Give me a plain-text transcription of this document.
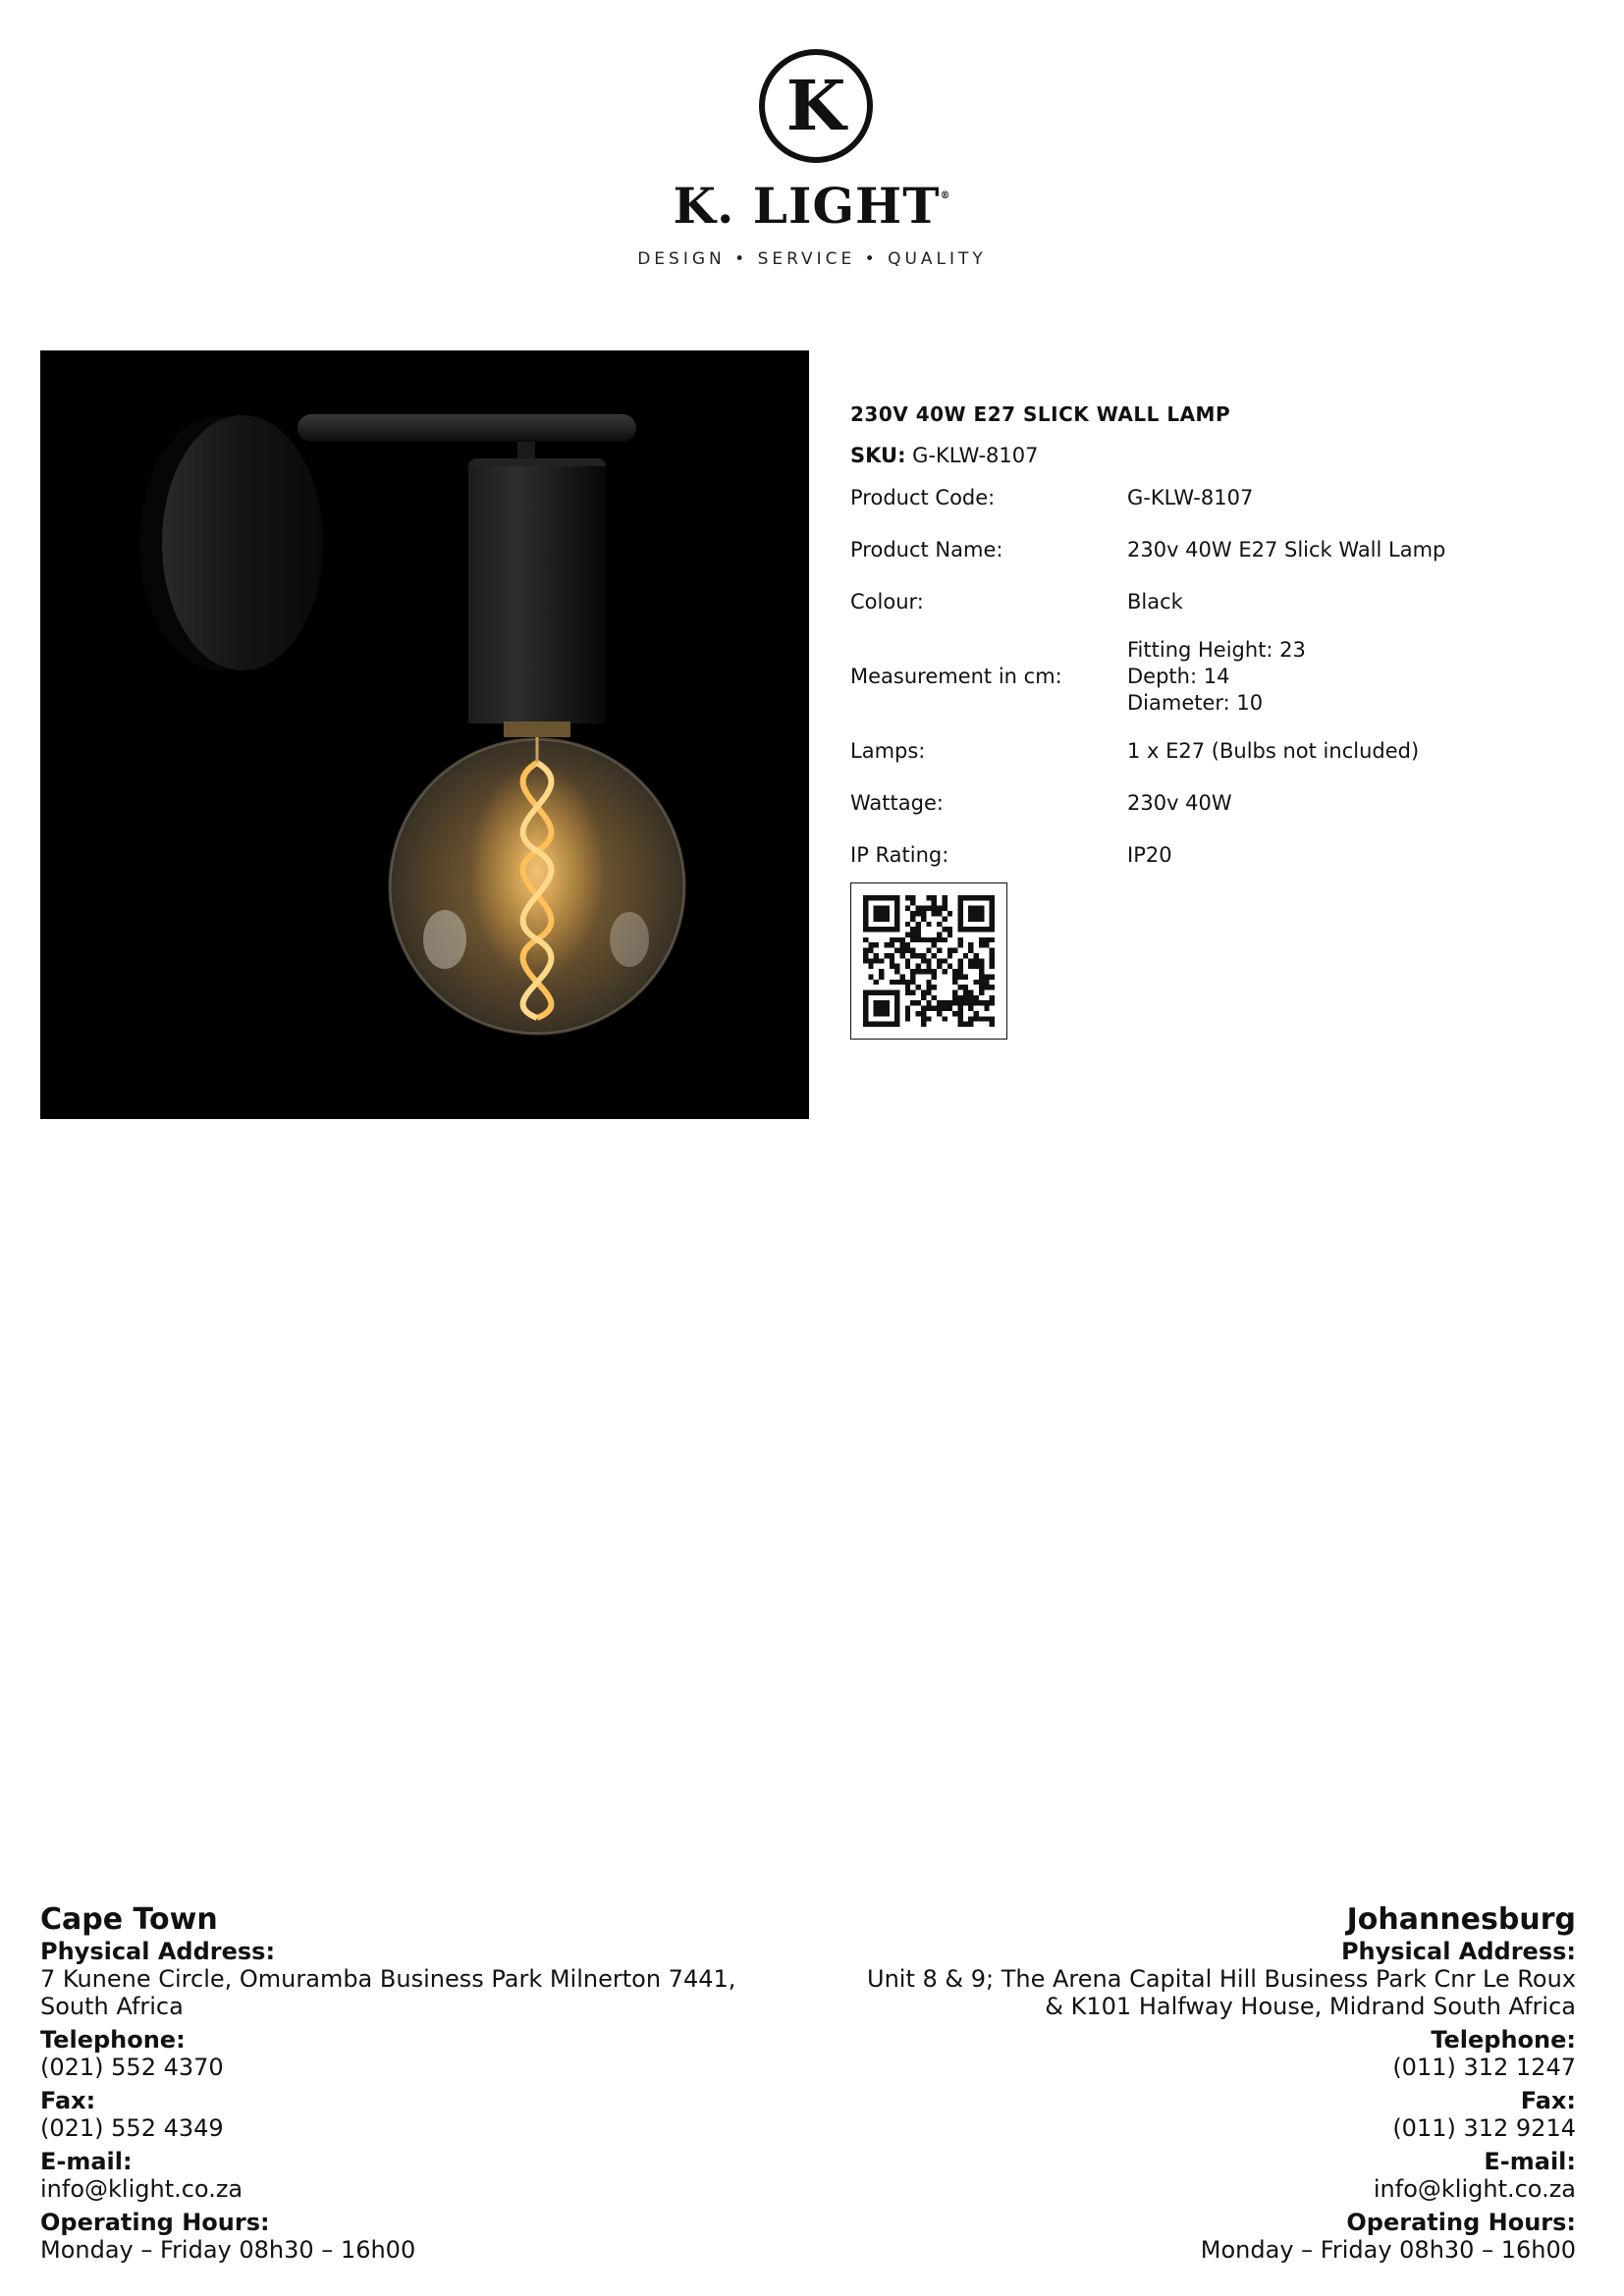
K
K. LIGHT®
DESIGN • SERVICE • QUALITY
230V 40W E27 SLICK WALL LAMP
SKU: G-KLW-8107
Product Code:	G-KLW-8107
Product Name:	230v 40W E27 Slick Wall Lamp
Colour:	Black
Measurement in cm:
Fitting Height: 23
Depth: 14
Diameter: 10
Lamps:	1 x E27 (Bulbs not included)
Wattage:	230v 40W
IP Rating:	IP20
Cape Town
Physical Address:
7 Kunene Circle, Omuramba Business Park Milnerton 7441,
South Africa
Telephone:
(021) 552 4370
Fax:
(021) 552 4349
E-mail:
info@klight.co.za
Operating Hours:
Monday – Friday 08h30 – 16h00
Johannesburg
Physical Address:
Unit 8 & 9; The Arena Capital Hill Business Park Cnr Le Roux
& K101 Halfway House, Midrand South Africa
Telephone:
(011) 312 1247
Fax:
(011) 312 9214
E-mail:
info@klight.co.za
Operating Hours:
Monday – Friday 08h30 – 16h00
